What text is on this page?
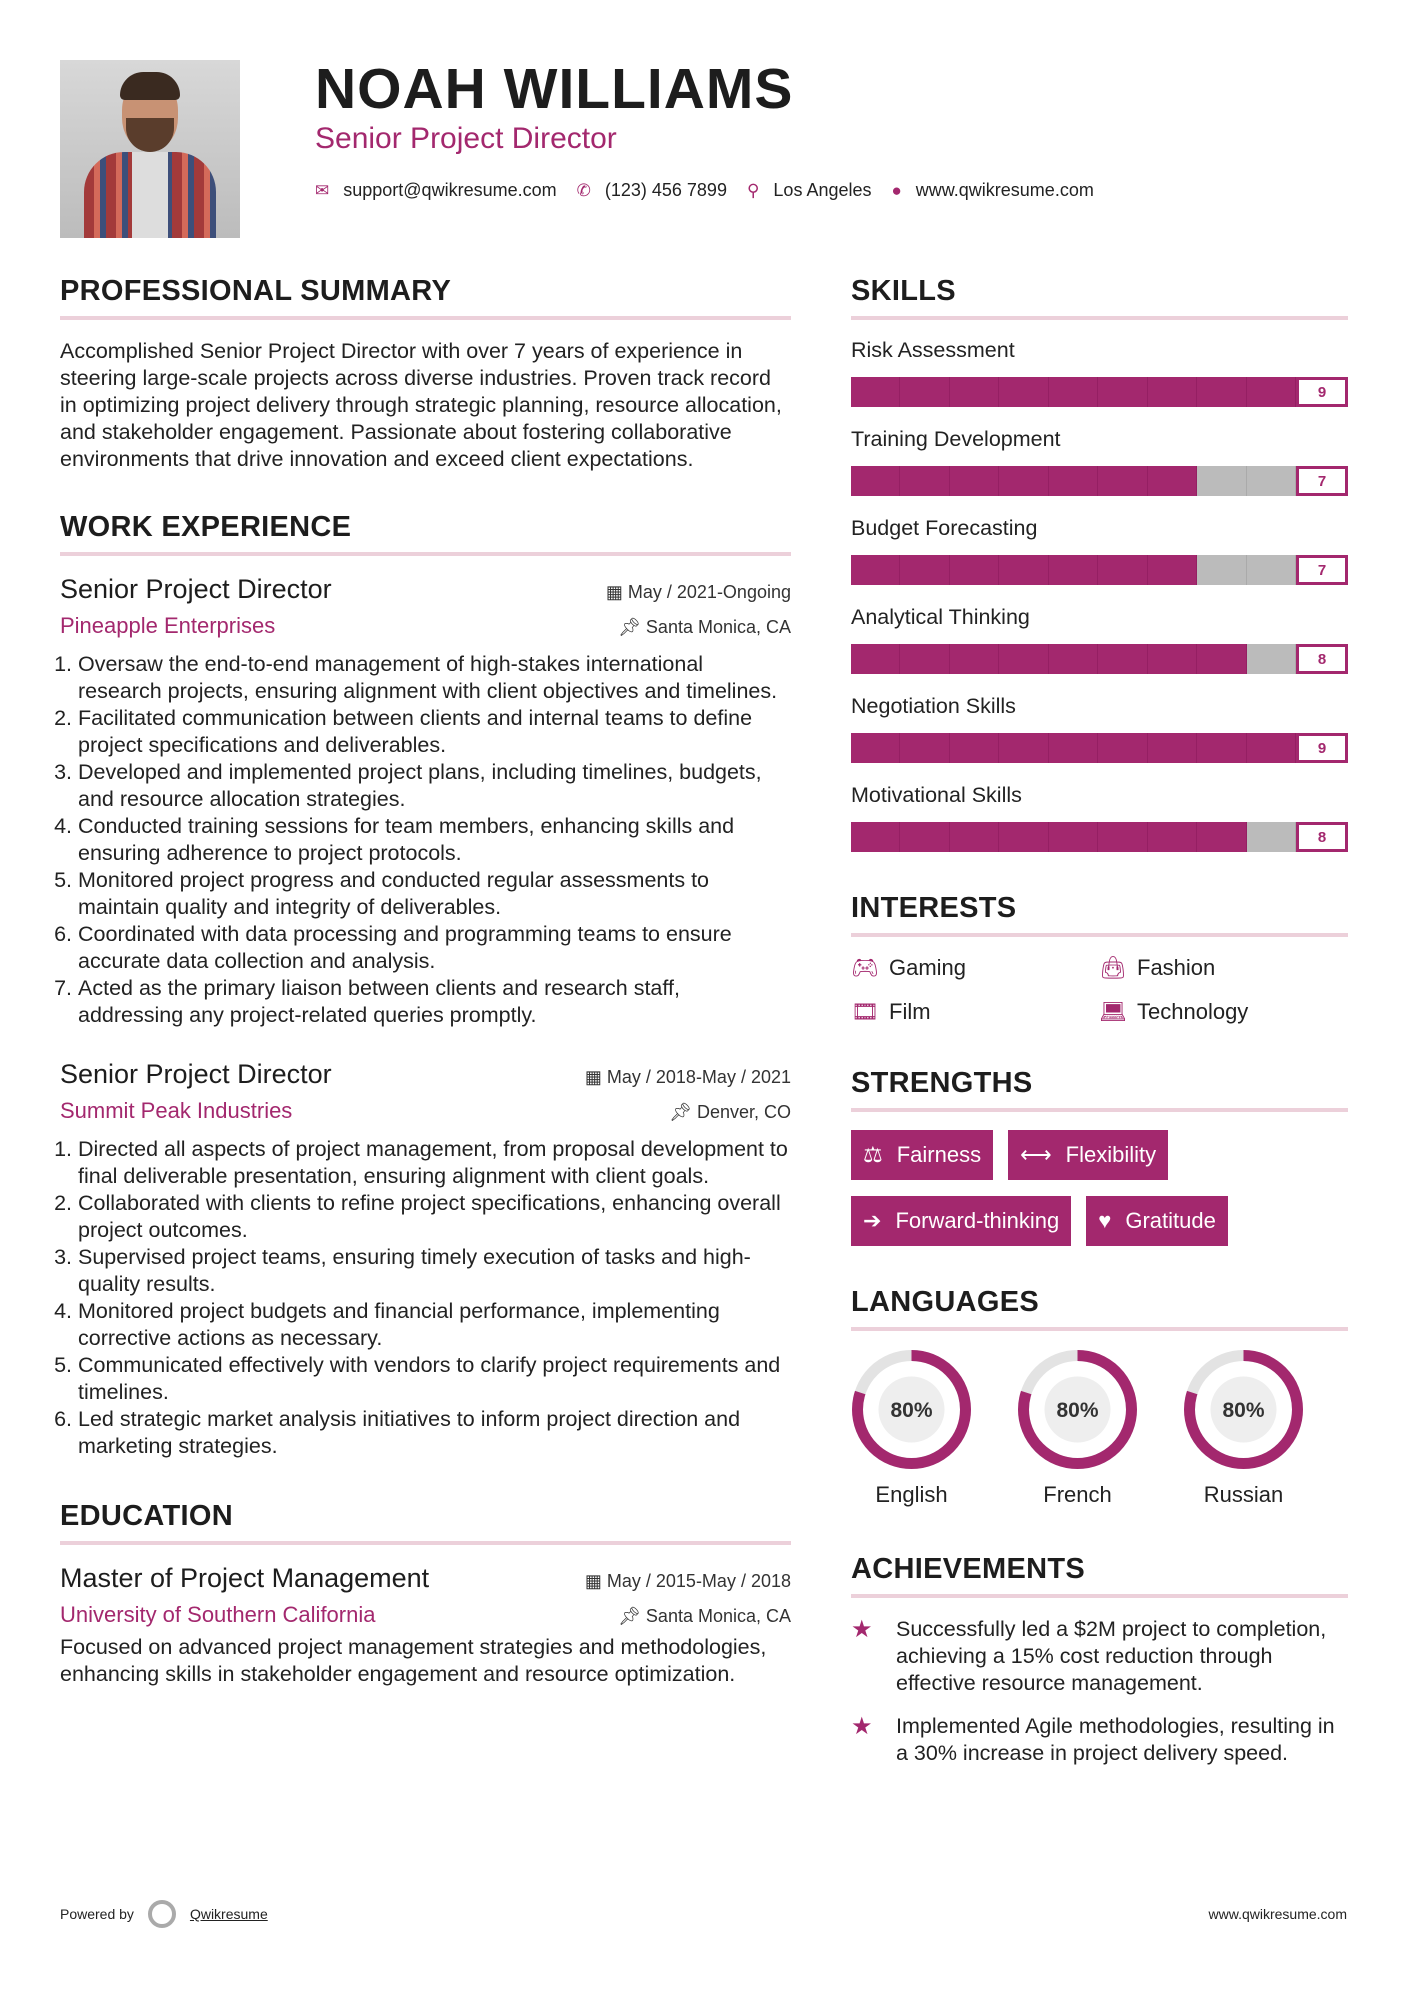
NOAH WILLIAMS
Senior Project Director
✉ support@qwikresume.com ✆ (123) 456 7899 ⚲ Los Angeles ● www.qwikresume.com
PROFESSIONAL SUMMARY

Accomplished Senior Project Director with over 7 years of experience in steering large-scale projects across diverse industries. Proven track record in optimizing project delivery through strategic planning, resource allocation, and stakeholder engagement. Passionate about fostering collaborative environments that drive innovation and exceed client expectations.

WORK EXPERIENCE
Senior Project Director	▦ May / 2021-Ongoing
Pineapple Enterprises	📌︎ Santa Monica, CA
1. Oversaw the end-to-end management of high-stakes international research projects, ensuring alignment with client objectives and timelines.
2. Facilitated communication between clients and internal teams to define project specifications and deliverables.
3. Developed and implemented project plans, including timelines, budgets, and resource allocation strategies.
4. Conducted training sessions for team members, enhancing skills and ensuring adherence to project protocols.
5. Monitored project progress and conducted regular assessments to maintain quality and integrity of deliverables.
6. Coordinated with data processing and programming teams to ensure accurate data collection and analysis.
7. Acted as the primary liaison between clients and research staff, addressing any project-related queries promptly.
Senior Project Director	▦ May / 2018-May / 2021
Summit Peak Industries	📌︎ Denver, CO
1. Directed all aspects of project management, from proposal development to final deliverable presentation, ensuring alignment with client goals.
2. Collaborated with clients to refine project specifications, enhancing overall project outcomes.
3. Supervised project teams, ensuring timely execution of tasks and high-quality results.
4. Monitored project budgets and financial performance, implementing corrective actions as necessary.
5. Communicated effectively with vendors to clarify project requirements and timelines.
6. Led strategic market analysis initiatives to inform project direction and marketing strategies.
EDUCATION
Master of Project Management	▦ May / 2015-May / 2018
University of Southern California	📌︎ Santa Monica, CA

Focused on advanced project management strategies and methodologies, enhancing skills in stakeholder engagement and resource optimization.

SKILLS
Risk Assessment
9
Training Development
7
Budget Forecasting
7
Analytical Thinking
8
Negotiation Skills
9
Motivational Skills
8
INTERESTS
🎮︎ Gaming	👜︎ Fashion
🎞︎ Film	💻︎ Technology
STRENGTHS
⚖ Fairness ⟷ Flexibility
➔ Forward-thinking ♥ Gratitude
LANGUAGES
80%
English
80%
French
80%
Russian
ACHIEVEMENTS
★	Successfully led a $2M project to completion, achieving a 15% cost reduction through effective resource management.
★	Implemented Agile methodologies, resulting in a 30% increase in project delivery speed.
Powered by	Qwikresume	www.qwikresume.com
